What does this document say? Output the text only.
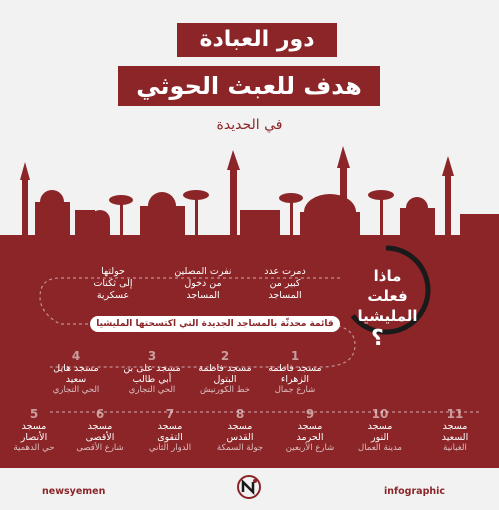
دور العبادة
هدف للعبث الحوثي
في الحديدة
ماذا
فعلت
المليشيا
؟
دمرت عدد
كبير من
المساجد
نفرت المصلين
من دخول
المساجد
حولتها
إلى ثكنات
عسكرية
قائمة محدثّة بالمساجد الجديدة التي اكتسحتها المليشيا
1
مسجد فاطمة
الزهراء
شارع جمال
2
مسجد فاطمة
البتول
خط الكورنيش
3
مسجد على بن
أبي طالب
الحي التجاري
4
مسجد هايل
سعيد
الحي التجاري
5
مسجد
الأنصار
حي الدهمية
6
مسجد
الأقصى
شارع الأقصى
7
مسجد
التقوى
الدوار الثاني
8
مسجد
القدس
جولة السمكة
9
مسجد
الحرمد
شارع الأربعين
10
مسجد
النور
مدينة العمال
11
مسجد
السعيد
الغبانية
newsyemen	infographic
